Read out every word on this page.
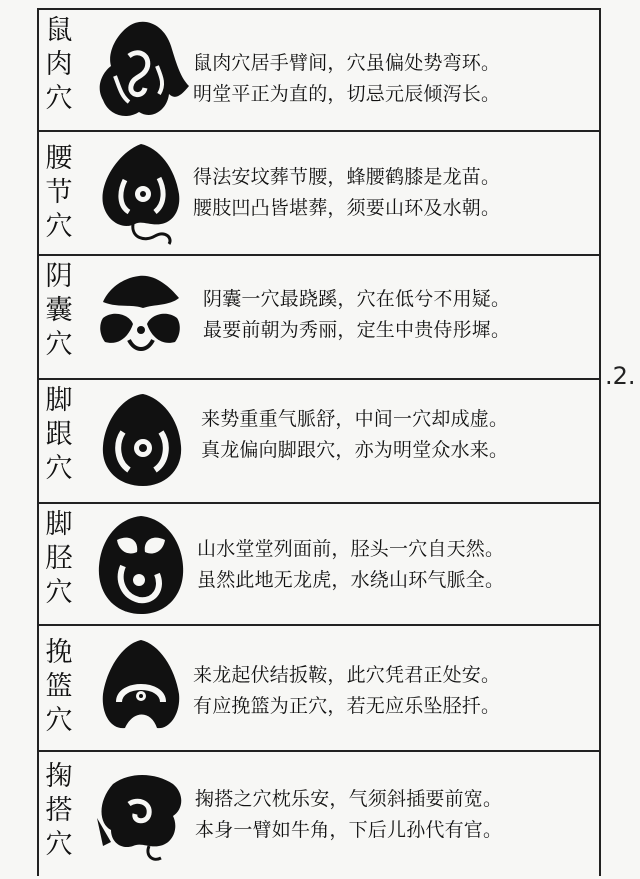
鼠
肉
穴
鼠肉穴居手臂间，穴虽偏处势弯环。
明堂平正为直的，切忌元辰倾泻长。
腰
节
穴
得法安坟葬节腰，蜂腰鹤膝是龙苗。
腰肢凹凸皆堪葬，须要山环及水朝。
阴
囊
穴
阴囊一穴最跷蹊，穴在低兮不用疑。
最要前朝为秀丽，定生中贵侍彤墀。
脚
跟
穴
来势重重气脈舒，中间一穴却成虚。
真龙偏向脚跟穴，亦为明堂众水来。
脚
胫
穴
山水堂堂列面前，胫头一穴自天然。
虽然此地无龙虎，水绕山环气脈全。
挽
篮
穴
来龙起伏结扳鞍，此穴凭君正处安。
有应挽篮为正穴，若无应乐坠胫扦。
掬
搭
穴
掬搭之穴枕乐安，气须斜插要前宽。
本身一臂如牛角，下后儿孙代有官。
.2.
